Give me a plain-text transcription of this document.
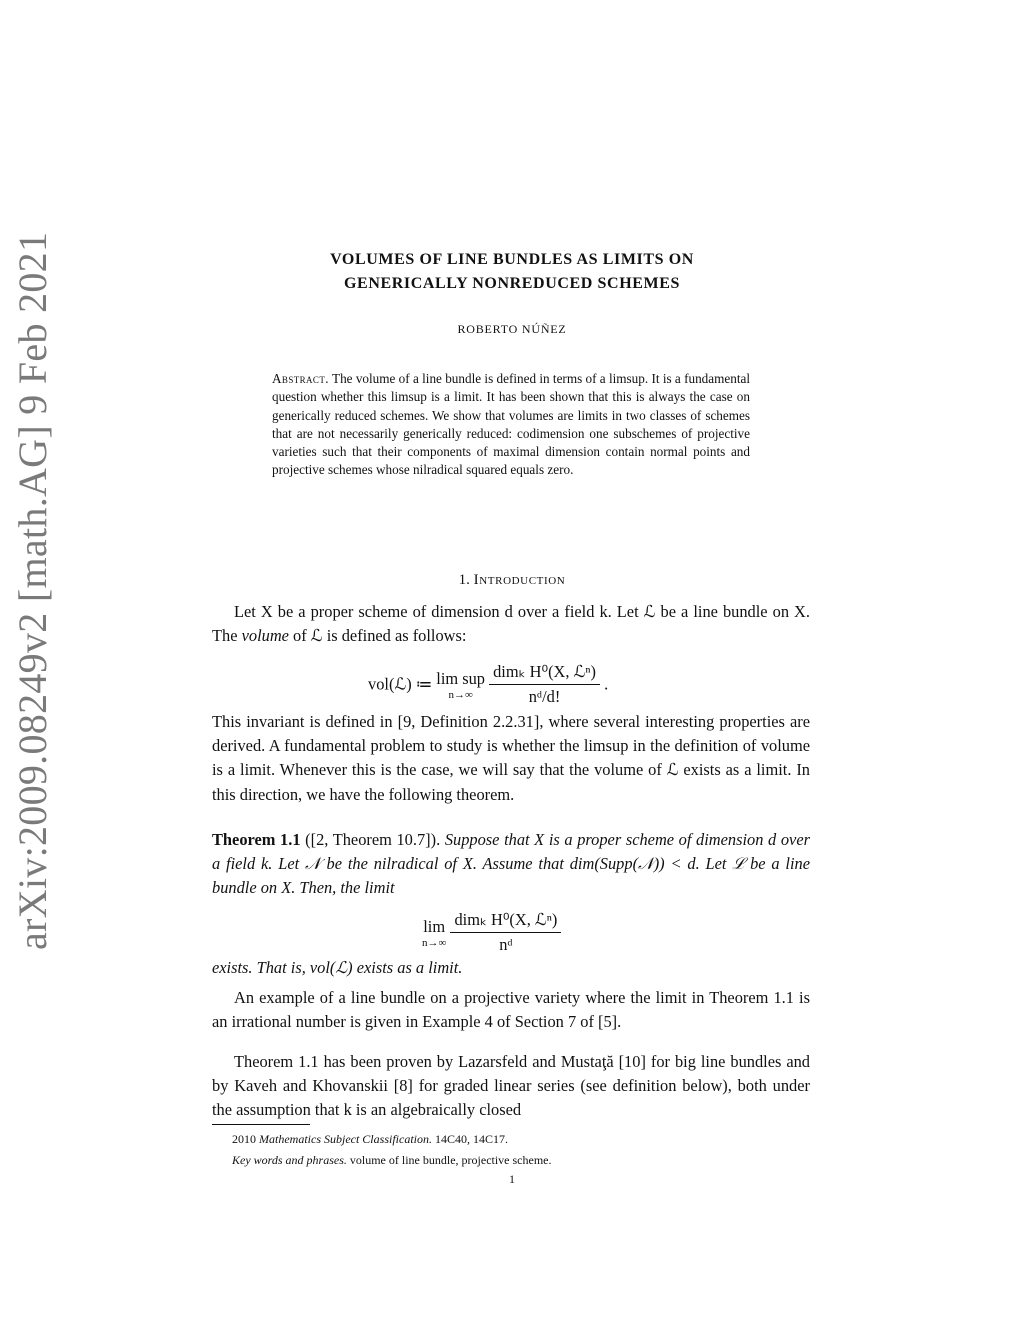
arXiv:2009.08249v2 [math.AG] 9 Feb 2021	VOLUMES OF LINE BUNDLES AS LIMITS ON
GENERICALLY NONREDUCED SCHEMES
ROBERTO NÚÑEZ
Abstract. The volume of a line bundle is defined in terms of a limsup. It is a fundamental question whether this limsup is a limit. It has been shown that this is always the case on generically reduced schemes. We show that volumes are limits in two classes of schemes that are not necessarily generically reduced: codimension one subschemes of projective varieties such that their components of maximal dimension contain normal points and projective schemes whose nilradical squared equals zero.
1. Introduction
Let X be a proper scheme of dimension d over a field k. Let ℒ be a line bundle on X. The volume of ℒ is defined as follows:
vol(ℒ) ≔ lim sup
n→∞
$\frac{\text{dimₖ H⁰(X, ℒⁿ)}}{\text{nᵈ/d!}}$ .
This invariant is defined in [9, Definition 2.2.31], where several interesting properties are derived. A fundamental problem to study is whether the limsup in the definition of volume is a limit. Whenever this is the case, we will say that the volume of ℒ exists as a limit. In this direction, we have the following theorem.
Theorem 1.1 ([2, Theorem 10.7]). Suppose that X is a proper scheme of dimension d over a field k. Let 𝒩 be the nilradical of X. Assume that dim(Supp(𝒩)) < d. Let ℒ be a line bundle on X. Then, the limit
lim
n→∞
$\frac{\text{dimₖ H⁰(X, ℒⁿ)}}{\text{nᵈ}}$
exists. That is, vol(ℒ) exists as a limit.
An example of a line bundle on a projective variety where the limit in Theorem 1.1 is an irrational number is given in Example 4 of Section 7 of [5].
Theorem 1.1 has been proven by Lazarsfeld and Mustaţă [10] for big line bundles and by Kaveh and Khovanskii [8] for graded linear series (see definition below), both under the assumption that k is an algebraically closed
2010 Mathematics Subject Classification. 14C40, 14C17.
Key words and phrases. volume of line bundle, projective scheme.
1
